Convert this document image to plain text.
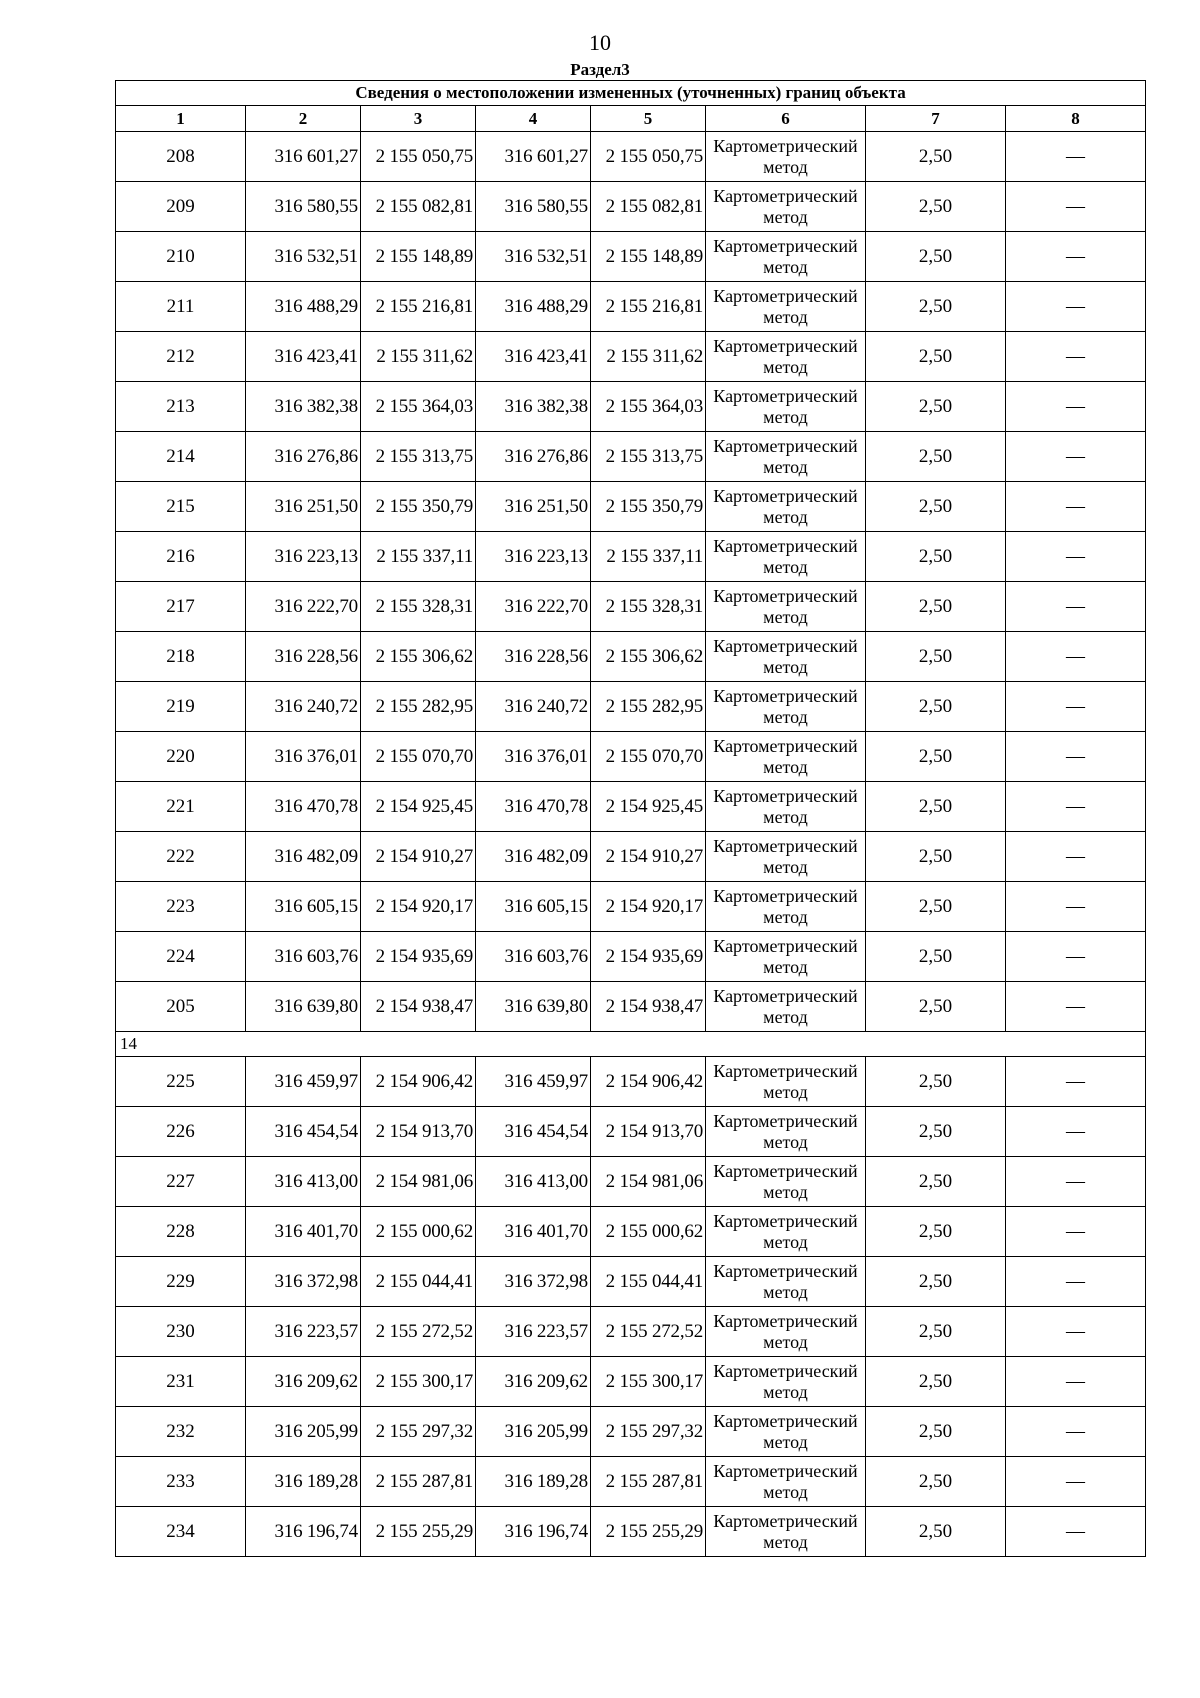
10
Раздел3
Сведения о местоположении измененных (уточненных) границ объекта							
1	2	3	4	5	6	7	8
208	316 601,27	2 155 050,75	316 601,27	2 155 050,75	Картометрический метод	2,50	—
209	316 580,55	2 155 082,81	316 580,55	2 155 082,81	Картометрический метод	2,50	—
210	316 532,51	2 155 148,89	316 532,51	2 155 148,89	Картометрический метод	2,50	—
211	316 488,29	2 155 216,81	316 488,29	2 155 216,81	Картометрический метод	2,50	—
212	316 423,41	2 155 311,62	316 423,41	2 155 311,62	Картометрический метод	2,50	—
213	316 382,38	2 155 364,03	316 382,38	2 155 364,03	Картометрический метод	2,50	—
214	316 276,86	2 155 313,75	316 276,86	2 155 313,75	Картометрический метод	2,50	—
215	316 251,50	2 155 350,79	316 251,50	2 155 350,79	Картометрический метод	2,50	—
216	316 223,13	2 155 337,11	316 223,13	2 155 337,11	Картометрический метод	2,50	—
217	316 222,70	2 155 328,31	316 222,70	2 155 328,31	Картометрический метод	2,50	—
218	316 228,56	2 155 306,62	316 228,56	2 155 306,62	Картометрический метод	2,50	—
219	316 240,72	2 155 282,95	316 240,72	2 155 282,95	Картометрический метод	2,50	—
220	316 376,01	2 155 070,70	316 376,01	2 155 070,70	Картометрический метод	2,50	—
221	316 470,78	2 154 925,45	316 470,78	2 154 925,45	Картометрический метод	2,50	—
222	316 482,09	2 154 910,27	316 482,09	2 154 910,27	Картометрический метод	2,50	—
223	316 605,15	2 154 920,17	316 605,15	2 154 920,17	Картометрический метод	2,50	—
224	316 603,76	2 154 935,69	316 603,76	2 154 935,69	Картометрический метод	2,50	—
205	316 639,80	2 154 938,47	316 639,80	2 154 938,47	Картометрический метод	2,50	—
14							
225	316 459,97	2 154 906,42	316 459,97	2 154 906,42	Картометрический метод	2,50	—
226	316 454,54	2 154 913,70	316 454,54	2 154 913,70	Картометрический метод	2,50	—
227	316 413,00	2 154 981,06	316 413,00	2 154 981,06	Картометрический метод	2,50	—
228	316 401,70	2 155 000,62	316 401,70	2 155 000,62	Картометрический метод	2,50	—
229	316 372,98	2 155 044,41	316 372,98	2 155 044,41	Картометрический метод	2,50	—
230	316 223,57	2 155 272,52	316 223,57	2 155 272,52	Картометрический метод	2,50	—
231	316 209,62	2 155 300,17	316 209,62	2 155 300,17	Картометрический метод	2,50	—
232	316 205,99	2 155 297,32	316 205,99	2 155 297,32	Картометрический метод	2,50	—
233	316 189,28	2 155 287,81	316 189,28	2 155 287,81	Картометрический метод	2,50	—
234	316 196,74	2 155 255,29	316 196,74	2 155 255,29	Картометрический метод	2,50	—
